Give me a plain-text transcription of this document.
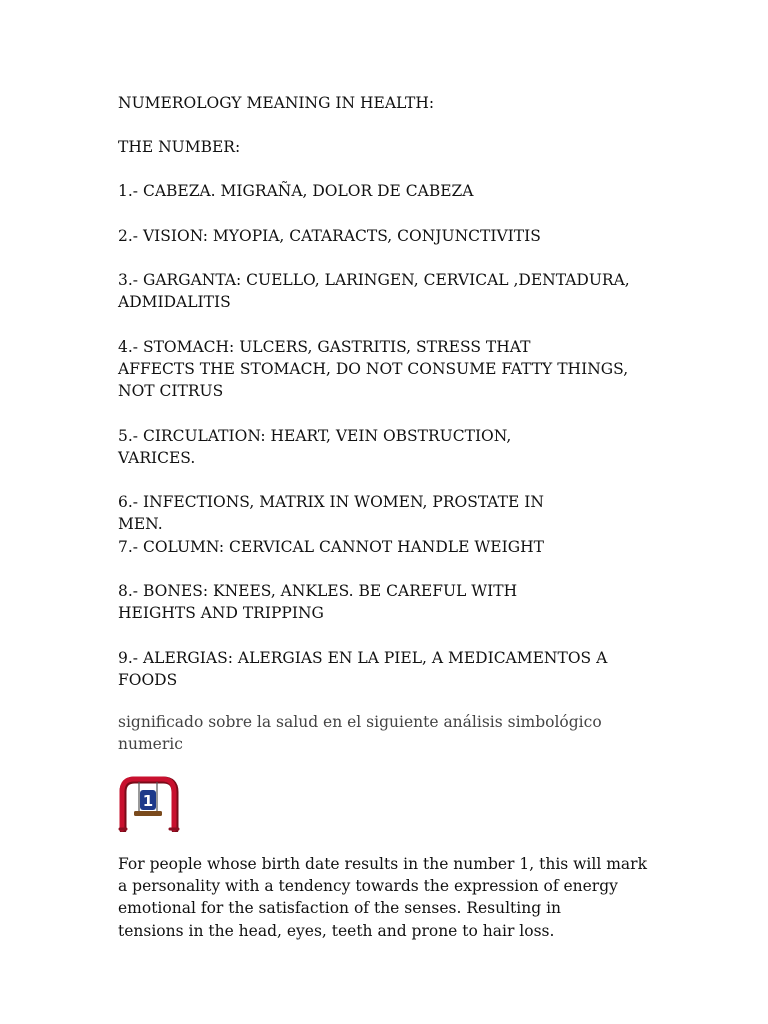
NUMEROLOGY MEANING IN HEALTH:
THE NUMBER:
1.- CABEZA. MIGRAÑA, DOLOR DE CABEZA
2.- VISION: MYOPIA, CATARACTS, CONJUNCTIVITIS
3.- GARGANTA: CUELLO, LARINGEN, CERVICAL ,DENTADURA,
ADMIDALITIS
4.- STOMACH: ULCERS, GASTRITIS, STRESS THAT
AFFECTS THE STOMACH, DO NOT CONSUME FATTY THINGS,
NOT CITRUS
5.- CIRCULATION: HEART, VEIN OBSTRUCTION,
VARICES.
6.- INFECTIONS, MATRIX IN WOMEN, PROSTATE IN
MEN.
7.- COLUMN: CERVICAL CANNOT HANDLE WEIGHT
8.- BONES: KNEES, ANKLES. BE CAREFUL WITH
HEIGHTS AND TRIPPING
9.- ALERGIAS: ALERGIAS EN LA PIEL, A MEDICAMENTOS A
FOODS
significado sobre la salud en el siguiente análisis simbológico
numeric
1
For people whose birth date results in the number 1, this will mark
a personality with a tendency towards the expression of energy
emotional for the satisfaction of the senses. Resulting in
tensions in the head, eyes, teeth and prone to hair loss.
